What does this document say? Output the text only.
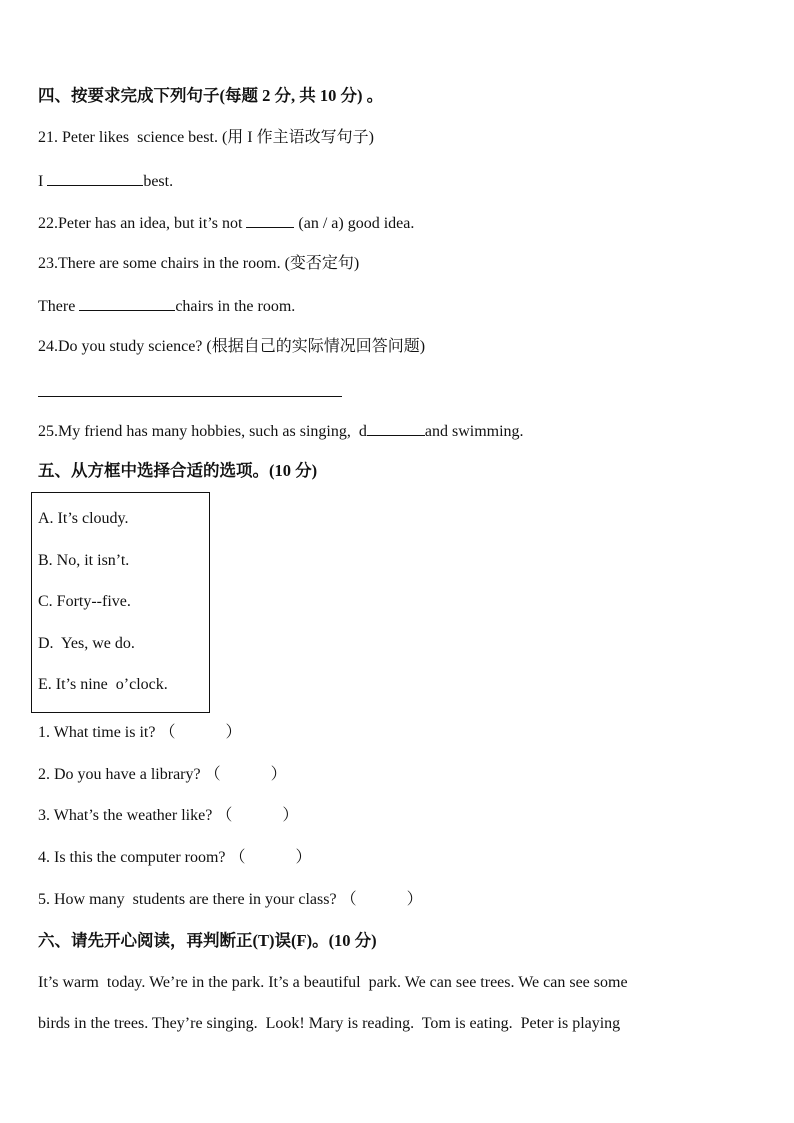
四、按要求完成下列句子(每题 2 分, 共 10 分) 。
21. Peter likes  science best. (用 I 作主语改写句子)
I	best.
22.Peter has an idea, but it’s not	(an / a) good idea.
23.There are some chairs in the room. (变否定句)
There	chairs in the room.
24.Do you study science? (根据自己的实际情况回答问题)
25.My friend has many hobbies, such as singing,  d	and swimming.
五、从方框中选择合适的选项。(10 分)
A. It’s cloudy.
B. No, it isn’t.
C. Forty--five.
D.  Yes, we do.
E. It’s nine  o’clock.
1. What time is it? （	）
2. Do you have a library? （	）
3. What’s the weather like? （	）
4. Is this the computer room? （	）
5. How many  students are there in your class? （	）
六、请先开心阅读，再判断正(T)误(F)。(10 分)
It’s warm  today. We’re in the park. It’s a beautiful  park. We can see trees. We can see some
birds in the trees. They’re singing.  Look! Mary is reading.  Tom is eating.  Peter is playing
